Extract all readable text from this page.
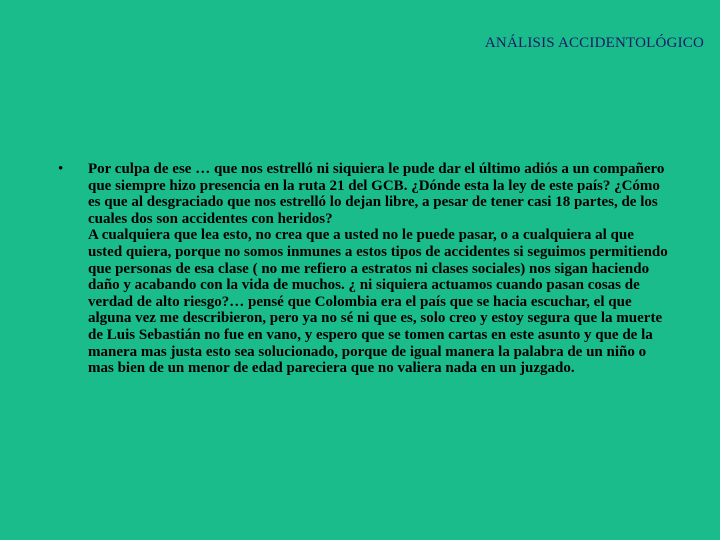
ANÁLISIS ACCIDENTOLÓGICO
• Por culpa de ese … que nos estrelló ni siquiera le pude dar el último adiós a un compañero que siempre hizo presencia en la ruta 21 del GCB. ¿Dónde esta la ley de este país? ¿Cómo es que al desgraciado que nos estrelló lo dejan libre, a pesar de tener casi 18 partes, de los cuales dos son accidentes con heridos?

A cualquiera que lea esto, no crea que a usted no le puede pasar, o a cualquiera al que usted quiera, porque no somos inmunes a estos tipos de accidentes si seguimos permitiendo que personas de esa clase ( no me refiero a estratos ni clases sociales) nos sigan haciendo daño y acabando con la vida de muchos. ¿ ni siquiera actuamos cuando pasan cosas de verdad de alto riesgo?… pensé que Colombia era el país que se hacia escuchar, el que alguna vez me describieron, pero ya no sé ni que es, solo creo y estoy segura que la muerte de Luis Sebastián no fue en vano, y espero que se tomen cartas en este asunto y que de la manera mas justa esto sea solucionado, porque de igual manera la palabra de un niño o mas bien de un menor de edad pareciera que no valiera nada en un juzgado.
